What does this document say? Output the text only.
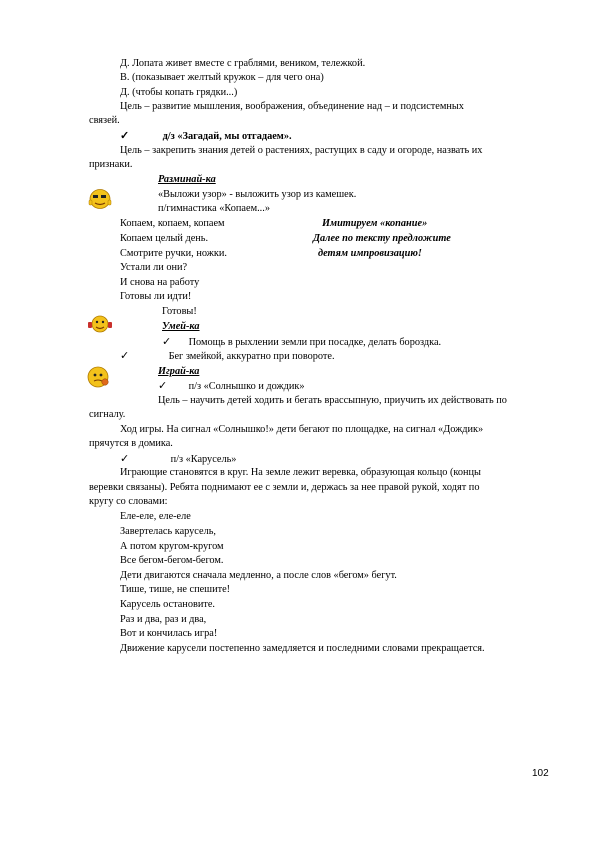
Д. Лопата живет вместе с граблями, веником, тележкой.
В. (показывает желтый кружок – для чего она)
Д. (чтобы копать грядки...)
Цель – развитие мышления, воображения, объединение над – и подсистемных
связей.
✓	д/з «Загадай, мы отгадаем».
Цель – закрепить знания детей о растениях, растущих в саду и огороде, назвать их
признаки.
Разминай-ка
«Выложи узор» - выложить узор из камешек.
п/гимнастика «Копаем...»
Копаем, копаем, копаем	Имитируем «копание»
Копаем целый день.	Далее по тексту предложите
Смотрите ручки, ножки.	детям импровизацию!
Устали ли они?
И снова на работу
Готовы ли идти!
Готовы!
Умей-ка
✓ Помощь в рыхлении земли при посадке, делать бороздка.
✓	Бег змейкой, аккуратно при повороте.
Играй-ка
✓ п/з «Солнышко и дождик»
Цель – научить детей ходить и бегать врассыпную, приучить их действовать по
сигналу.
Ход игры. На сигнал «Солнышко!» дети бегают по площадке, на сигнал «Дождик»
прячутся в домика.
✓	п/з «Карусель»
Играющие становятся в круг. На земле лежит веревка, образующая кольцо (концы
веревки связаны). Ребята поднимают ее с земли и, держась за нее правой рукой, ходят по
кругу со словами:
Еле-еле, еле-еле
Завертелась карусель,
А потом кругом-кругом
Все бегом-бегом-бегом.
Дети двигаются сначала медленно, а после слов «бегом» бегут.
Тише, тише, не спешите!
Карусель остановите.
Раз и два, раз и два,
Вот и кончилась игра!
Движение карусели постепенно замедляется и последними словами прекращается.
102
